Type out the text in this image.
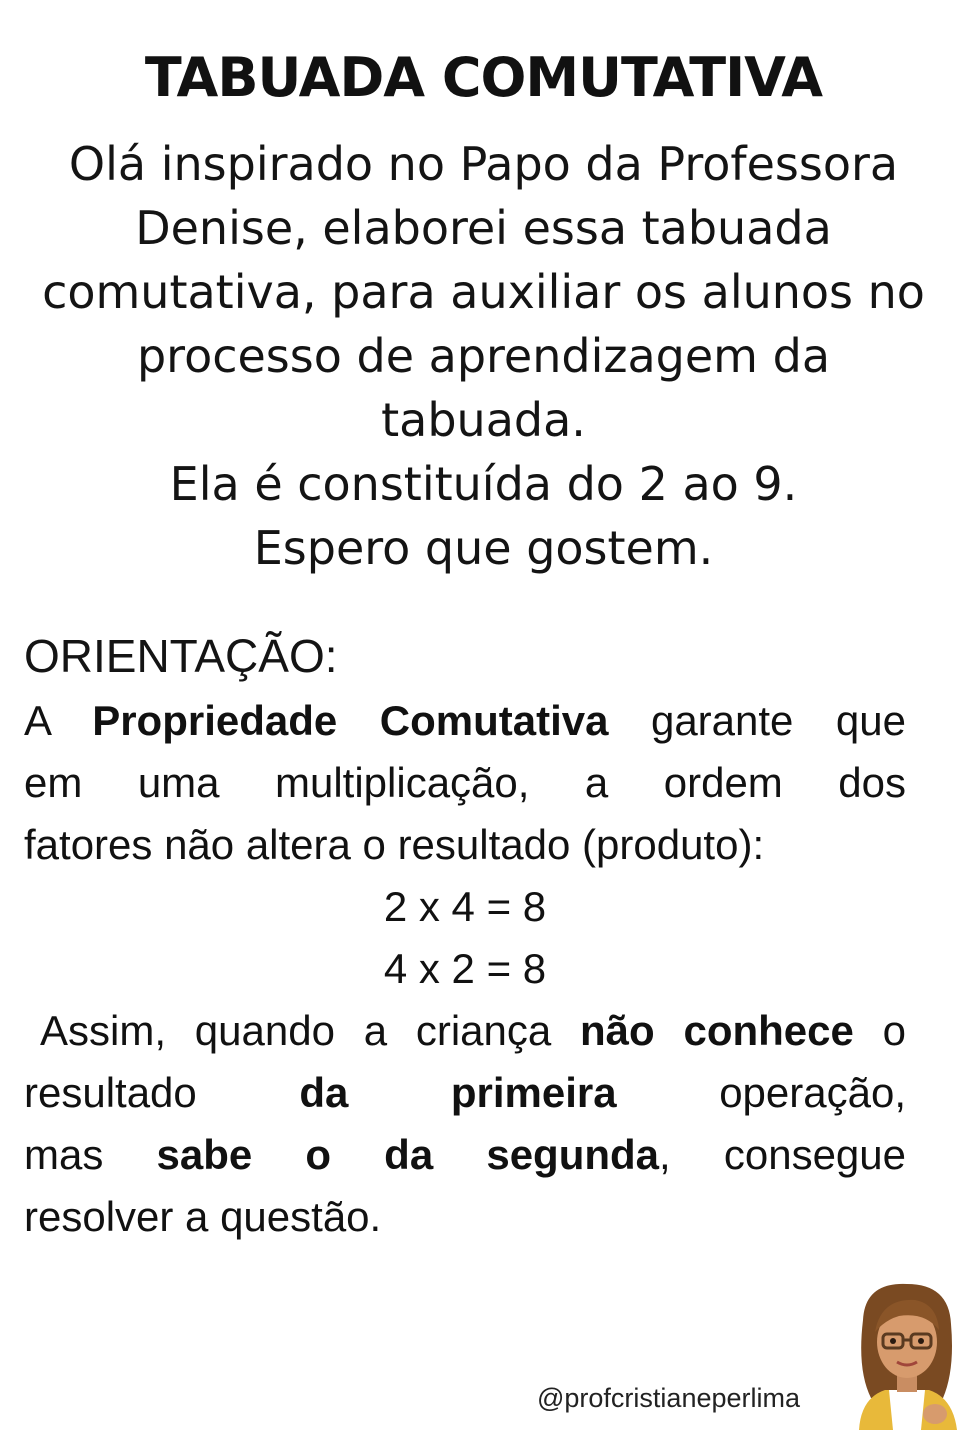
TABUADA COMUTATIVA
Olá inspirado no Papo da Professora
Denise, elaborei essa tabuada
comutativa, para auxiliar os alunos no
processo de aprendizagem da
tabuada.
Ela é constituída do 2 ao 9.
Espero que gostem.
ORIENTAÇÃO:
A Propriedade Comutativa garante que
em uma multiplicação, a ordem dos
fatores não altera o resultado (produto):
2 x 4 = 8
4 x 2 = 8
Assim, quando a criança não conhece o
resultado da primeira operação,
mas sabe o da segunda, consegue
resolver a questão.
@profcristianeperlima
